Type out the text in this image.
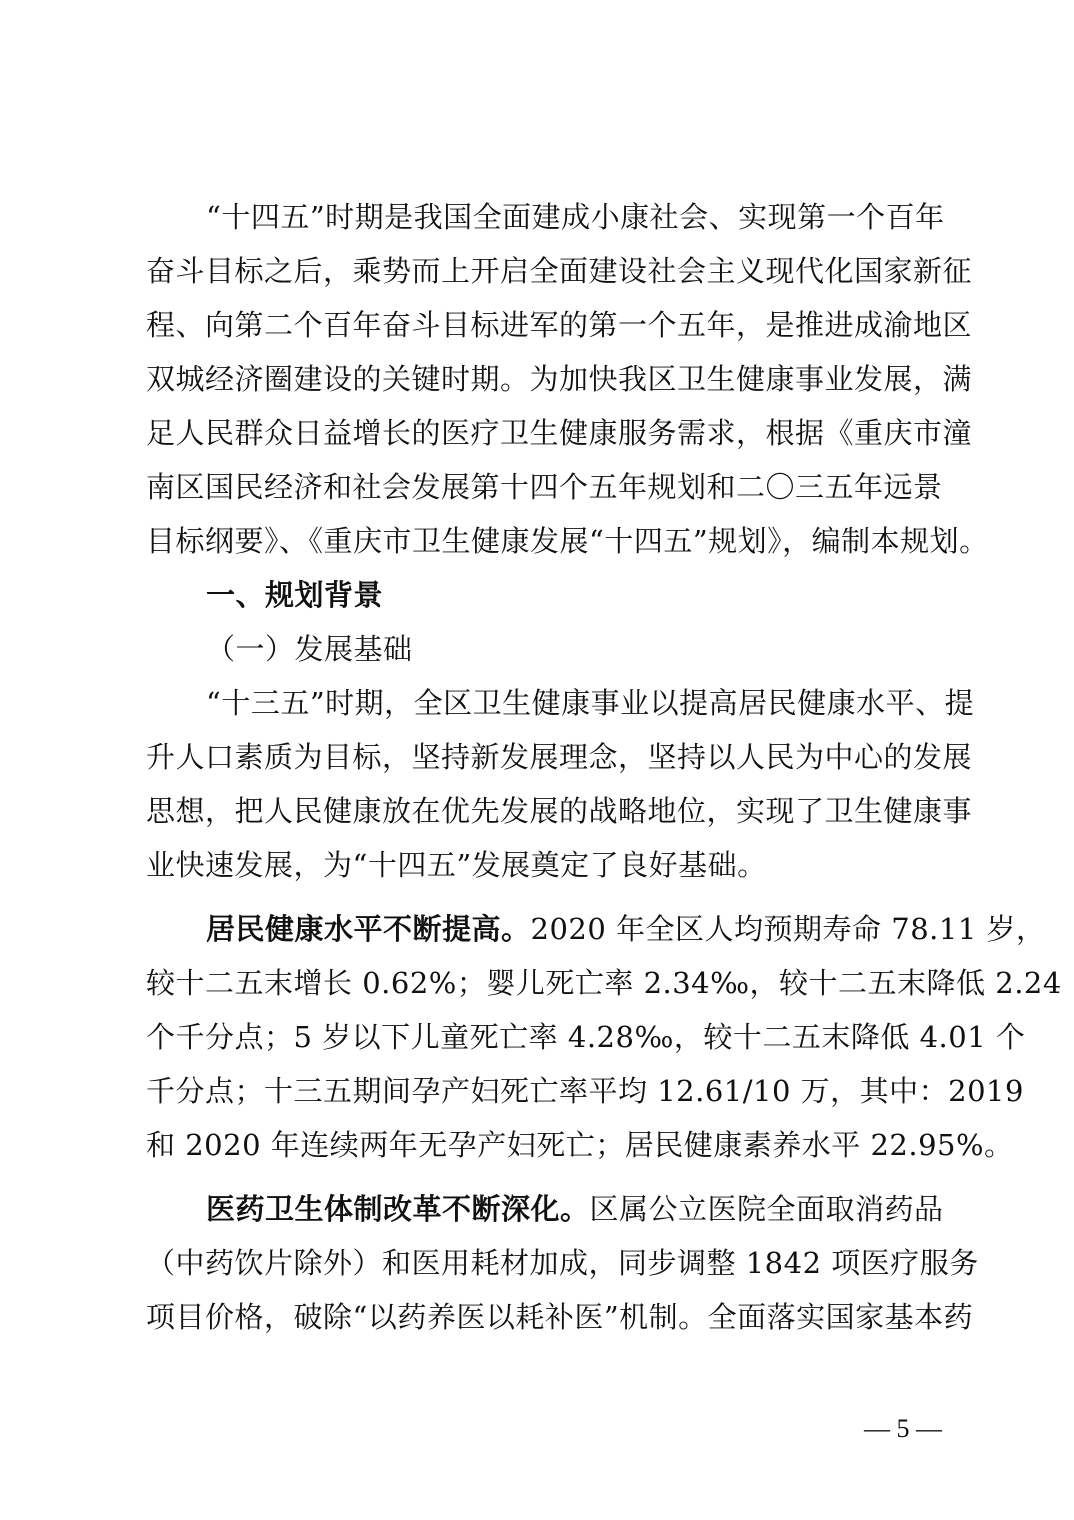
“十四五”时期是我国全面建成小康社会、实现第一个百年
奋斗目标之后，乘势而上开启全面建设社会主义现代化国家新征
程、向第二个百年奋斗目标进军的第一个五年，是推进成渝地区
双城经济圈建设的关键时期。为加快我区卫生健康事业发展，满
足人民群众日益增长的医疗卫生健康服务需求，根据《重庆市潼
南区国民经济和社会发展第十四个五年规划和二〇三五年远景
目标纲要》、《重庆市卫生健康发展“十四五”规划》，编制本规划。
一、规划背景
（一）发展基础
“十三五”时期，全区卫生健康事业以提高居民健康水平、提
升人口素质为目标，坚持新发展理念，坚持以人民为中心的发展
思想，把人民健康放在优先发展的战略地位，实现了卫生健康事
业快速发展，为“十四五”发展奠定了良好基础。
居民健康水平不断提高。2020 年全区人均预期寿命 78.11 岁，
较十二五末增长 0.62%；婴儿死亡率 2.34‰，较十二五末降低 2.24
个千分点；5 岁以下儿童死亡率 4.28‰，较十二五末降低 4.01 个
千分点；十三五期间孕产妇死亡率平均 12.61/10 万，其中：2019
和 2020 年连续两年无孕产妇死亡；居民健康素养水平 22.95%。
医药卫生体制改革不断深化。区属公立医院全面取消药品
（中药饮片除外）和医用耗材加成，同步调整 1842 项医疗服务
项目价格，破除“以药养医以耗补医”机制。全面落实国家基本药
— 5 —
